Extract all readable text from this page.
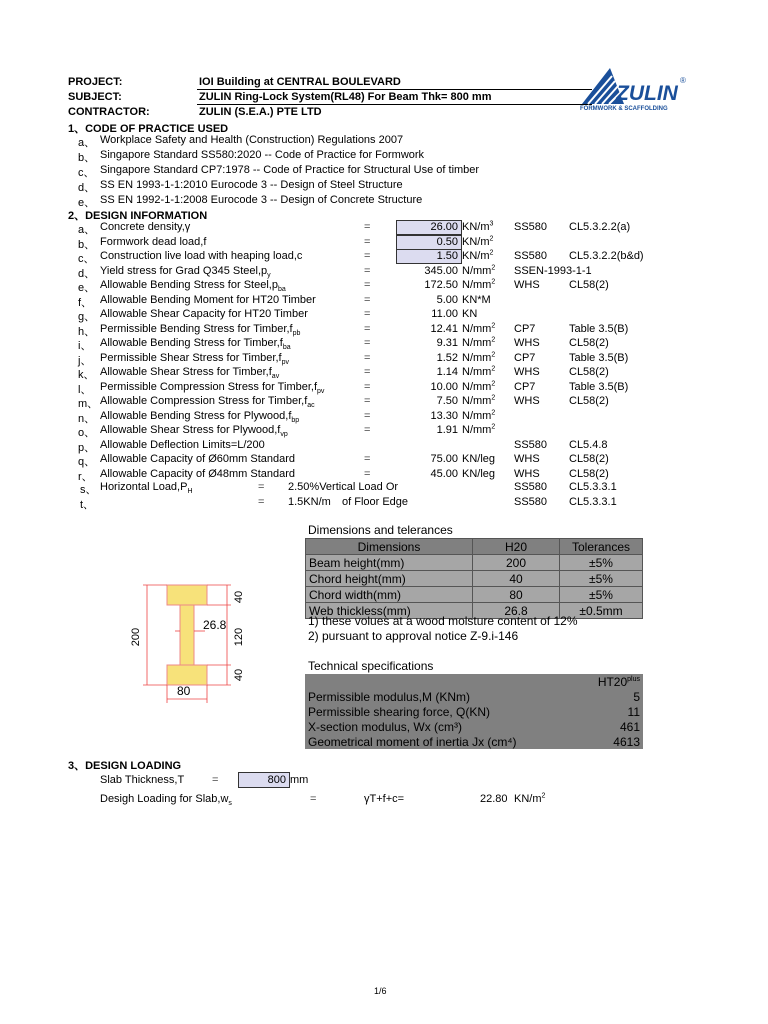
PROJECT:	IOI Building at CENTRAL BOULEVARD
SUBJECT:	ZULIN Ring-Lock System(RL48) For Beam Thk= 800 mm
CONTRACTOR:	ZULIN (S.E.A.) PTE LTD
ZULIN
®
FORMWORK & SCAFFOLDING
1、CODE OF PRACTICE USED
a、 Workplace Safety and Health (Construction) Regulations 2007
b、 Singapore Standard SS580:2020 -- Code of Practice for Formwork
c、 Singapore Standard CP7:1978 -- Code of Practice for Structural Use of timber
d、 SS EN 1993-1-1:2010 Eurocode 3 -- Design of Steel Structure
e、 SS EN 1992-1-1:2008 Eurocode 3 -- Design of Concrete Structure
2、DESIGN INFORMATION
a、 Concrete density,γ	=	26.00 $KN/m^3$ SS580 CL5.3.2.2(a)
b、 Formwork dead load,f	=	0.50 $KN/m^2$
c、 Construction live load with heaping load,c	=	1.50 $KN/m^2$ SS580 CL5.3.2.2(b&d)
d、 Yield stress for Grad Q345 $Steel,p_y$	=	345.00 $N/mm^2$ SSEN-1993-1-1
e、 Allowable Bending Stress for $Steel,p_{ba}$	=	172.50 $N/mm^2$ WHS	CL58(2)
f、 Allowable Bending Moment for HT20 Timber	=	5.00 KN*M
g、 Allowable Shear Capacity for HT20 Timber	=	11.00 KN
h、 Permissible Bending Stress for $Timber,f_{pb}$	=	12.41 $N/mm^2$ CP7	Table 3.5(B)
i、 Allowable Bending Stress for $Timber,f_{ba}$	=	9.31 $N/mm^2$ WHS	CL58(2)
j、 Permissible Shear Stress for $Timber,f_{pv}$	=	1.52 $N/mm^2$ CP7	Table 3.5(B)
k、 Allowable Shear Stress for $Timber,f_{av}$	=	1.14 $N/mm^2$ WHS	CL58(2)
l、 Permissible Compression Stress for $Timber,f_{pv}$	=	10.00 $N/mm^2$ CP7	Table 3.5(B)
m、 Allowable Compression Stress for $Timber,f_{ac}$	=	7.50 $N/mm^2$ WHS	CL58(2)
n、 Allowable Bending Stress for $Plywood,f_{bp}$	=	13.30 $N/mm^2$
o、 Allowable Shear Stress for $Plywood,f_{vp}$	=	1.91 $N/mm^2$
p、 Allowable Deflection Limits=L/200	SS580 CL5.4.8
q、 Allowable Capacity of Ø60mm Standard	=	75.00 KN/leg WHS	CL58(2)
r、 Allowable Capacity of Ø48mm Standard	=	45.00 KN/leg WHS	CL58(2)
s、 Horizontal $Load,P_H$	= 2.50%Vertical Load Or	SS580 CL5.3.3.1
t、	= 1.5KN/m of Floor Edge	SS580 CL5.3.3.1
200
40
120
40
26.8
80
Dimensions and telerances
Dimensions	H20	Tolerances
Beam height(mm)	200	±5%
Chord height(mm)	40	±5%
Chord width(mm)	80	±5%
Web thickless(mm)	26.8	±0.5mm
1) these volues at a wood molsture content of 12%
2) pursuant to approval notice Z-9.i-146
Technical specifications
	$HT20^{plus}$
Permissible modulus,M (KNm)	5
Permissible shearing force, Q(KN)	11
X-section modulus, Wx (cm³)	461
Geometrical moment of inertia Jx (cm⁴)	4613
3、DESIGN LOADING
Slab Thickness,T	=	800 mm
Desigh Loading for $Slab,w_s$	=	γT+f+c=	22.80 $KN/m^2$
1/6
